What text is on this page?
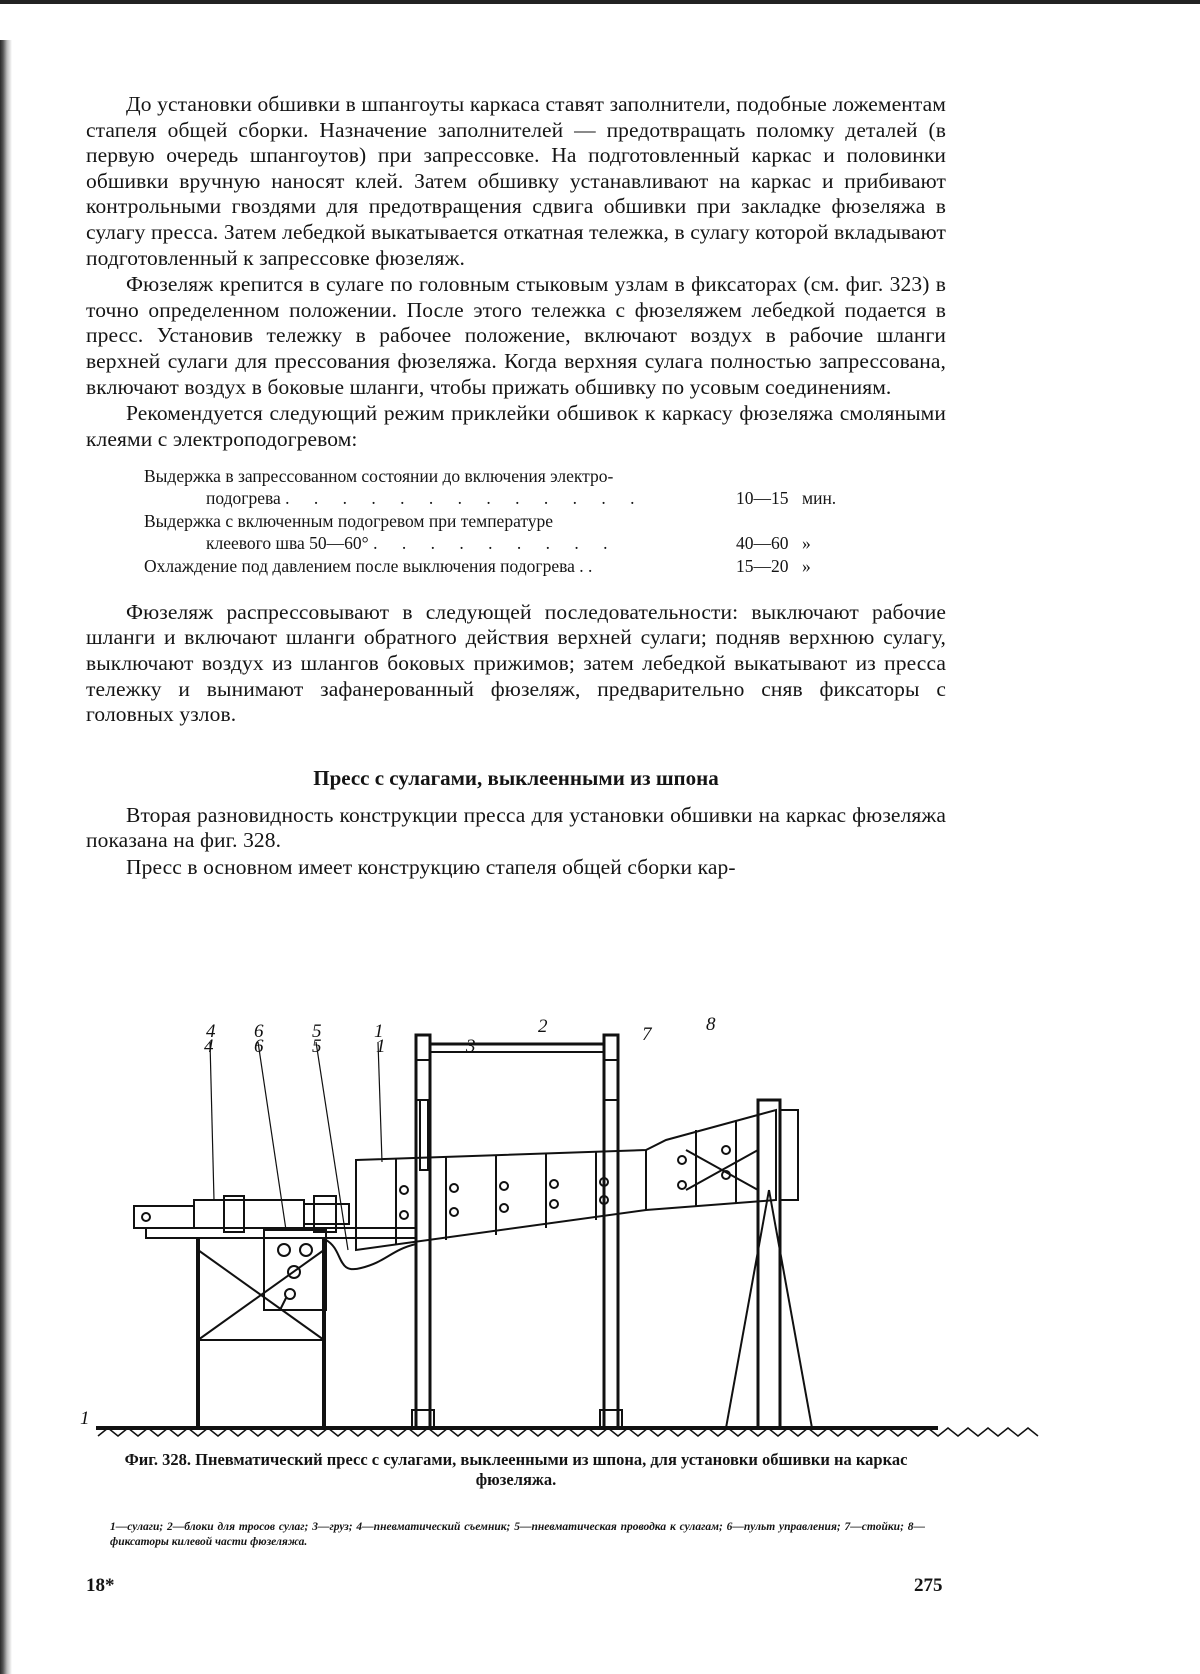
До установки обшивки в шпангоуты каркаса ставят заполнители, подобные ложементам стапеля общей сборки. Назначение заполнителей — предотвращать поломку деталей (в первую очередь шпангоутов) при запрессовке. На подготовленный каркас и половинки обшивки вручную наносят клей. Затем обшивку устанавливают на каркас и прибивают контрольными гвоздями для предотвращения сдвига обшивки при закладке фюзеляжа в сулагу пресса. Затем лебедкой выкатывается откатная тележка, в сулагу которой вкладывают подготовленный к запрессовке фюзеляж.

Фюзеляж крепится в сулаге по головным стыковым узлам в фиксаторах (см. фиг. 323) в точно определенном положении. После этого тележка с фюзеляжем лебедкой подается в пресс. Установив тележку в рабочее положение, включают воздух в рабочие шланги верхней сулаги для прессования фюзеляжа. Когда верхняя сулага полностью запрессована, включают воздух в боковые шланги, чтобы прижать обшивку по усовым соединениям.

Рекомендуется следующий режим приклейки обшивок к каркасу фюзеляжа смоляными клеями с электроподогревом:

Выдержка в запрессованном состоянии до включения электро-
подогрева . . . . . . . . . . . . .	10—15 мин.
Выдержка с включенным подогревом при температуре
клеевого шва 50—60° . . . . . . . . .	40—60 »
Охлаждение под давлением после выключения подогрева . .	15—20 »

Фюзеляж распрессовывают в следующей последовательности: выключают рабочие шланги и включают шланги обратного действия верхней сулаги; подняв верхнюю сулагу, выключают воздух из шлангов боковых прижимов; затем лебедкой выкатывают из пресса тележку и вынимают зафанерованный фюзеляж, предварительно сняв фиксаторы с головных узлов.

Пресс с сулагами, выклеенными из шпона

Вторая разновидность конструкции пресса для установки обшивки на каркас фюзеляжа показана на фиг. 328.

Пресс в основном имеет конструкцию стапеля общей сборки кар-

4 6	5	1
4 6	5	1	3
2	7	8
1
Фиг. 328. Пневматический пресс с сулагами, выклеенными из шпона, для установки обшивки на каркас фюзеляжа.
1—сулаги; 2—блоки для тросов сулаг; 3—груз; 4—пневматический съемник; 5—пневматическая проводка к сулагам; 6—пульт управления; 7—стойки; 8—фиксаторы килевой части фюзеляжа.
18*	275
